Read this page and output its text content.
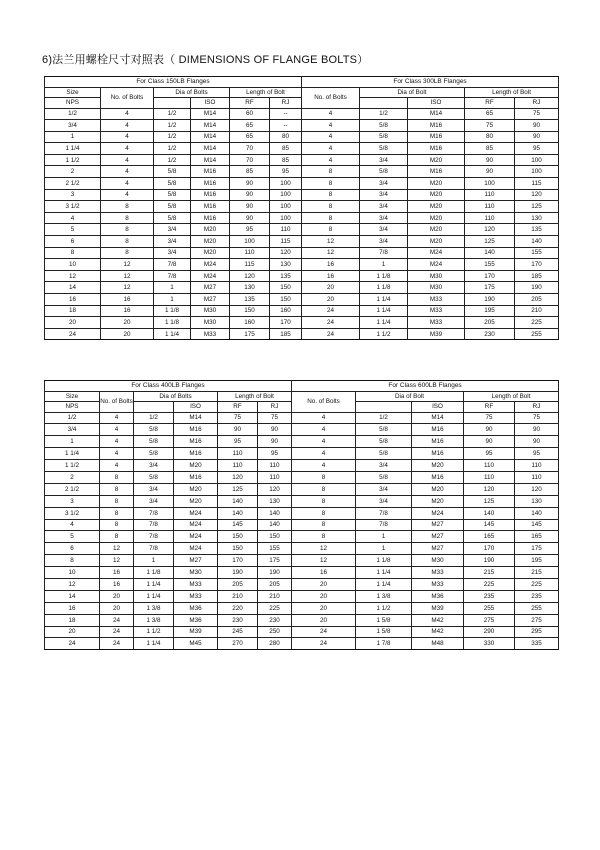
6)法兰用螺栓尺寸对照表（ DIMENSIONS OF FLANGE BOLTS）
For Class 150LB Flanges						For Class 300LB Flanges				
Size	No. of Bolts	Dia of Bolts		Length of Bolt		No. of Bolts	Dia of Bolt		Length of Bolt	
NPS			ISO	RF	RJ			ISO	RF	RJ
1/2	4	1/2	M14	60	--	4	1/2	M14	65	75
3/4	4	1/2	M14	65	--	4	5/8	M16	75	90
1	4	1/2	M14	65	80	4	5/8	M16	80	90
1 1/4	4	1/2	M14	70	85	4	5/8	M16	85	95
1 1/2	4	1/2	M14	70	85	4	3/4	M20	90	100
2	4	5/8	M16	85	95	8	5/8	M16	90	100
2 1/2	4	5/8	M16	90	100	8	3/4	M20	100	115
3	4	5/8	M16	90	100	8	3/4	M20	110	120
3 1/2	8	5/8	M16	90	100	8	3/4	M20	110	125
4	8	5/8	M16	90	100	8	3/4	M20	110	130
5	8	3/4	M20	95	110	8	3/4	M20	120	135
6	8	3/4	M20	100	115	12	3/4	M20	125	140
8	8	3/4	M20	110	120	12	7/8	M24	140	155
10	12	7/8	M24	115	130	16	1	M24	155	170
12	12	7/8	M24	120	135	16	1 1/8	M30	170	185
14	12	1	M27	130	150	20	1 1/8	M30	175	190
16	16	1	M27	135	150	20	1 1/4	M33	190	205
18	16	1 1/8	M30	150	160	24	1 1/4	M33	195	210
20	20	1 1/8	M30	160	170	24	1 1/4	M33	205	225
24	20	1 1/4	M33	175	185	24	1 1/2	M39	230	255
For Class 400LB Flanges						For Class 600LB Flanges				
Size	No. of Bolts	Dia of Bolts		Length of Bolt		No. of Bolts	Dia of Bolt		Length of Bolt	
NPS			ISO	RF	RJ			ISO	RF	RJ
1/2	4	1/2	M14	75	75	4	1/2	M14	75	75
3/4	4	5/8	M16	90	90	4	5/8	M16	90	90
1	4	5/8	M16	95	90	4	5/8	M16	90	90
1 1/4	4	5/8	M16	110	95	4	5/8	M16	95	95
1 1/2	4	3/4	M20	110	110	4	3/4	M20	110	110
2	8	5/8	M16	120	110	8	5/8	M16	110	110
2 1/2	8	3/4	M20	125	120	8	3/4	M20	120	120
3	8	3/4	M20	140	130	8	3/4	M20	125	130
3 1/2	8	7/8	M24	140	140	8	7/8	M24	140	140
4	8	7/8	M24	145	140	8	7/8	M27	145	145
5	8	7/8	M24	150	150	8	1	M27	165	165
6	12	7/8	M24	150	155	12	1	M27	170	175
8	12	1	M27	170	175	12	1 1/8	M30	190	195
10	16	1 1/8	M30	190	190	16	1 1/4	M33	215	215
12	16	1 1/4	M33	205	205	20	1 1/4	M33	225	225
14	20	1 1/4	M33	210	210	20	1 3/8	M36	235	235
16	20	1 3/8	M36	220	225	20	1 1/2	M39	255	255
18	24	1 3/8	M36	230	230	20	1 5/8	M42	275	275
20	24	1 1/2	M39	245	250	24	1 5/8	M42	290	295
24	24	1 1/4	M45	270	280	24	1 7/8	M48	330	335
